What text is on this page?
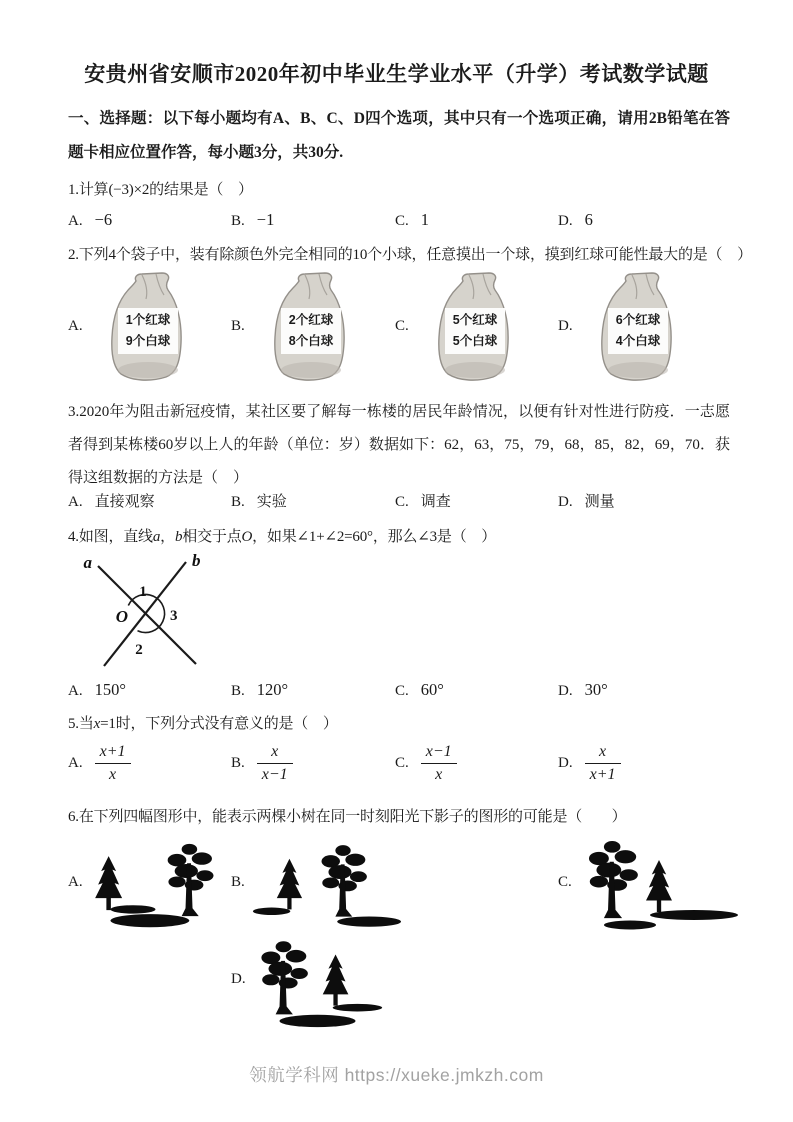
安贵州省安顺市2020年初中毕业生学业水平（升学）考试数学试题
一、选择题：以下每小题均有A、B、C、D四个选项，其中只有一个选项正确，请用2B铅笔在答题卡相应位置作答，每小题3分，共30分.
1.计算(−3)×2的结果是（　）
A. −6	B. −1	C. 1	D. 6
2.下列4个袋子中，装有除颜色外完全相同的10个小球，任意摸出一个球，摸到红球可能性最大的是（　）
A.	1个红球
9个白球
B.	2个红球
8个白球
C.	5个红球
5个白球
D.	6个红球
4个白球
3.2020年为阻击新冠疫情，某社区要了解每一栋楼的居民年龄情况，以便有针对性进行防疫．一志愿者得到某栋楼60岁以上人的年龄（单位：岁）数据如下：62，63，75，79，68，85，82，69，70．获得这组数据的方法是（　）
A. 直接观察	B. 实验	C. 调查	D. 测量
4.如图，直线a，b相交于点O，如果∠1+∠2=60°，那么∠3是（　）
a	b
1
O	3
2
A. 150°	B. 120°	C. 60°	D. 30°
5.当x=1时，下列分式没有意义的是（　）
A. $\frac{x+1}{x}$	B. $\frac{x}{x-1}$	C. $\frac{x-1}{x}$	D. $\frac{x}{x+1}$
6.在下列四幅图形中，能表示两棵小树在同一时刻阳光下影子的图形的可能是（　　）
A.	B.	C.
D.
领航学科网 https://xueke.jmkzh.com
